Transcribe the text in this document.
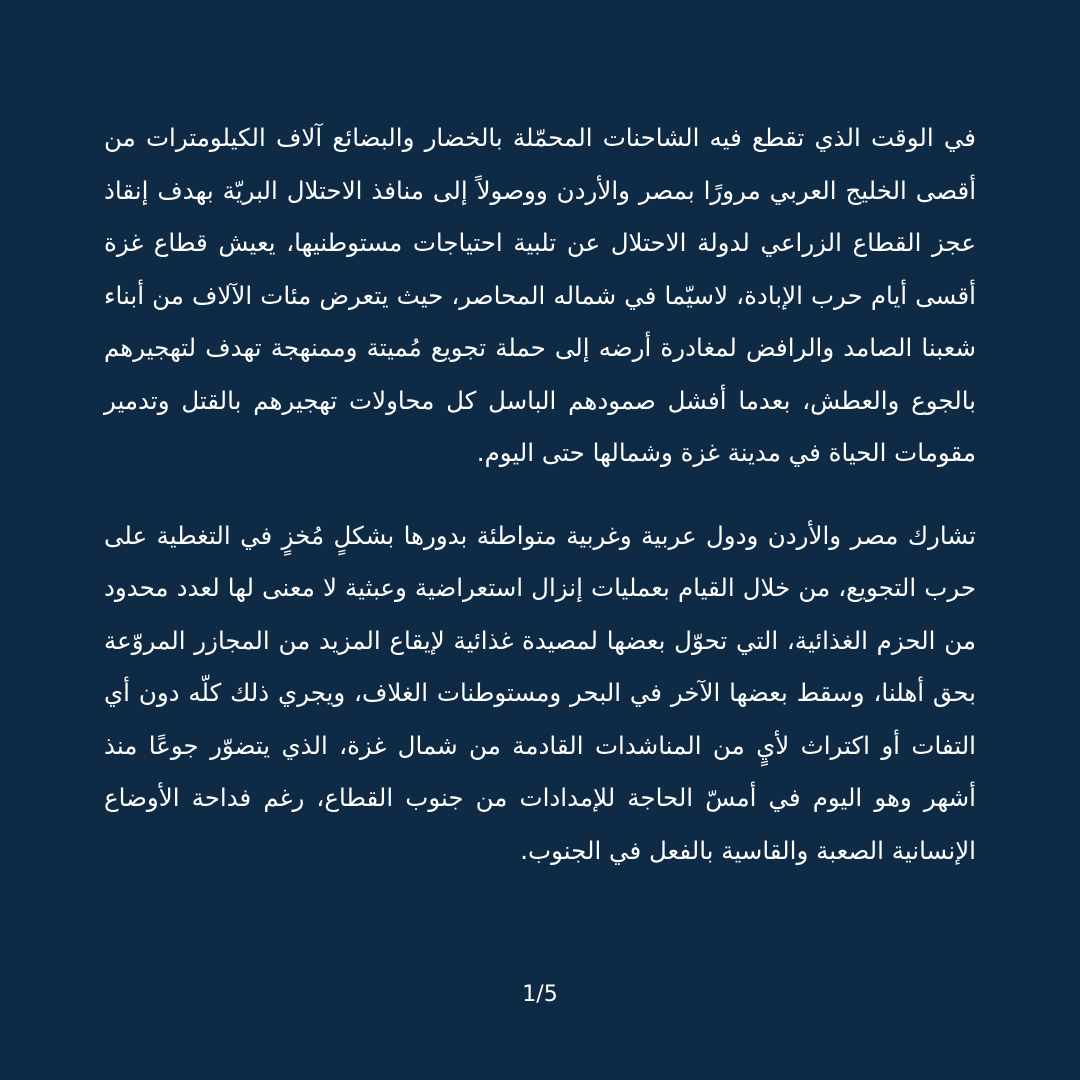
في الوقت الذي تقطع فيه الشاحنات المحمّلة بالخضار والبضائع آلاف الكيلومترات من أقصى الخليج العربي مرورًا بمصر والأردن ووصولاً إلى منافذ الاحتلال البريّة بهدف إنقاذ عجز القطاع الزراعي لدولة الاحتلال عن تلبية احتياجات مستوطنيها، يعيش قطاع غزة أقسى أيام حرب الإبادة، لاسيّما في شماله المحاصر، حيث يتعرض مئات الآلاف من أبناء شعبنا الصامد والرافض لمغادرة أرضه إلى حملة تجويع مُميتة وممنهجة تهدف لتهجيرهم بالجوع والعطش، بعدما أفشل صمودهم الباسل كل محاولات تهجيرهم بالقتل وتدمير مقومات الحياة في مدينة غزة وشمالها حتى اليوم.

تشارك مصر والأردن ودول عربية وغربية متواطئة بدورها بشكلٍ مُخزٍ في التغطية على حرب التجويع، من خلال القيام بعمليات إنزال استعراضية وعبثية لا معنى لها لعدد محدود من الحزم الغذائية، التي تحوّل بعضها لمصيدة غذائية لإيقاع المزيد من المجازر المروّعة بحق أهلنا، وسقط بعضها الآخر في البحر ومستوطنات الغلاف، ويجري ذلك كلّه دون أي التفات أو اكتراث لأيٍ من المناشدات القادمة من شمال غزة، الذي يتضوّر جوعًا منذ أشهر وهو اليوم في أمسّ الحاجة للإمدادات من جنوب القطاع، رغم فداحة الأوضاع الإنسانية الصعبة والقاسية بالفعل في الجنوب.

1/5
